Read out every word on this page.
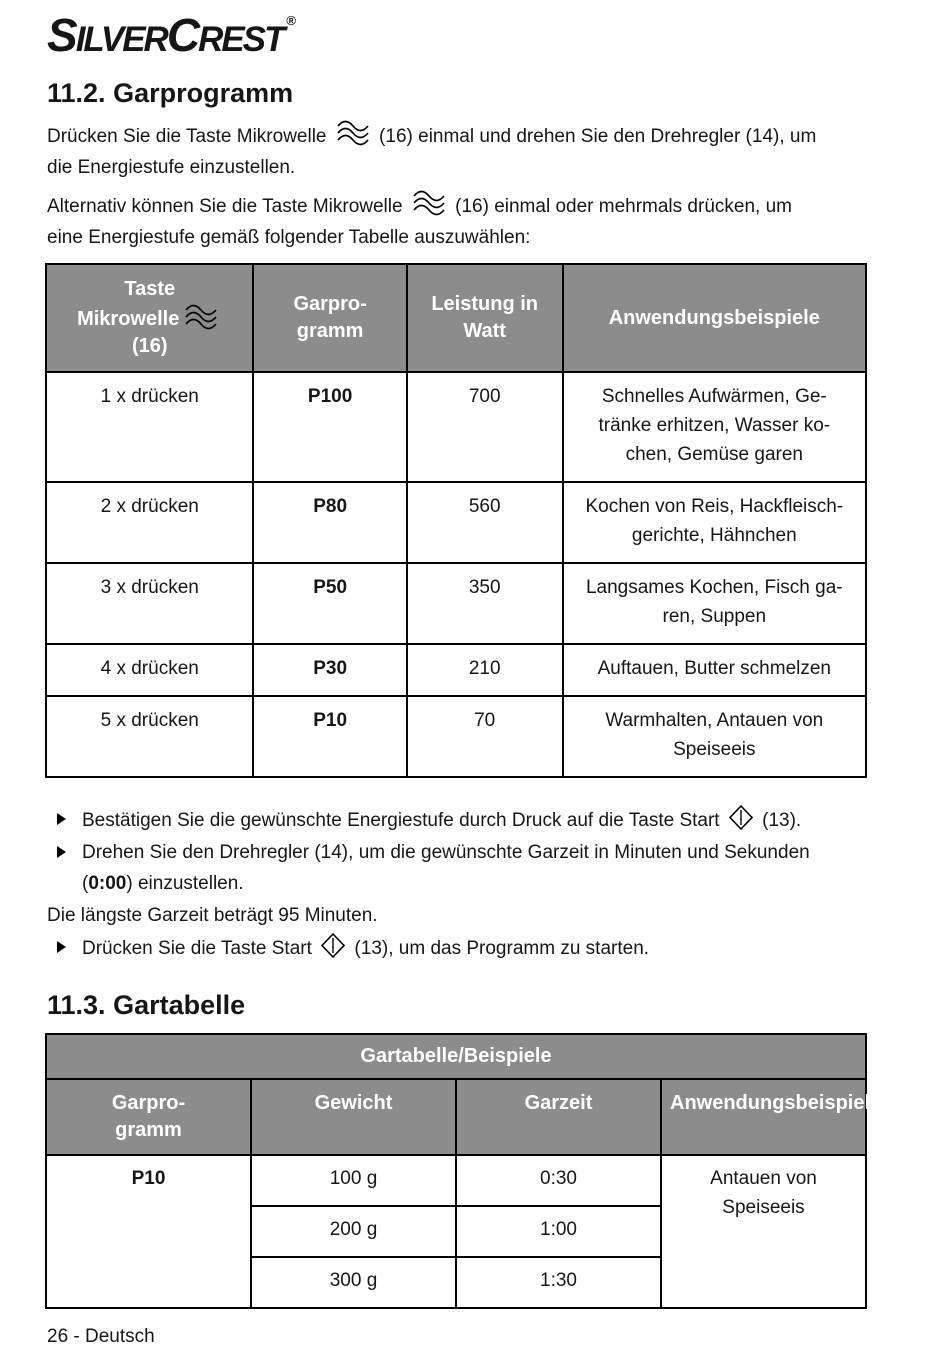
SILVERCREST ®
11.2. Garprogramm

Drücken Sie die Taste Mikrowelle  (16) einmal und drehen Sie den Drehregler (14), um
die Energiestufe einzustellen.

Alternativ können Sie die Taste Mikrowelle  (16) einmal oder mehrmals drücken, um
eine Energiestufe gemäß folgender Tabelle auszuwählen:

Taste
Mikrowelle
(16)	Garpro-
gramm	Leistung in
Watt	Anwendungsbeispiele
1 x drücken	P100	700	Schnelles Aufwärmen, Ge-
tränke erhitzen, Wasser ko-
chen, Gemüse garen
2 x drücken	P80	560	Kochen von Reis, Hackfleisch-
gerichte, Hähnchen
3 x drücken	P50	350	Langsames Kochen, Fisch ga-
ren, Suppen
4 x drücken	P30	210	Auftauen, Butter schmelzen
5 x drücken	P10	70	Warmhalten, Antauen von
Speiseeis
Bestätigen Sie die gewünschte Energiestufe durch Druck auf die Taste Start  (13).
Drehen Sie den Drehregler (14), um die gewünschte Garzeit in Minuten und Sekunden
(0:00) einzustellen.

Die längste Garzeit beträgt 95 Minuten.

Drücken Sie die Taste Start  (13), um das Programm zu starten.
11.3. Gartabelle
Gartabelle/Beispiele			
Garpro-
gramm	Gewicht	Garzeit	Anwendungsbeispiele
P10	100 g	0:30	Antauen von Speiseeis
	200 g	1:00	
	300 g	1:30	
26 - Deutsch
